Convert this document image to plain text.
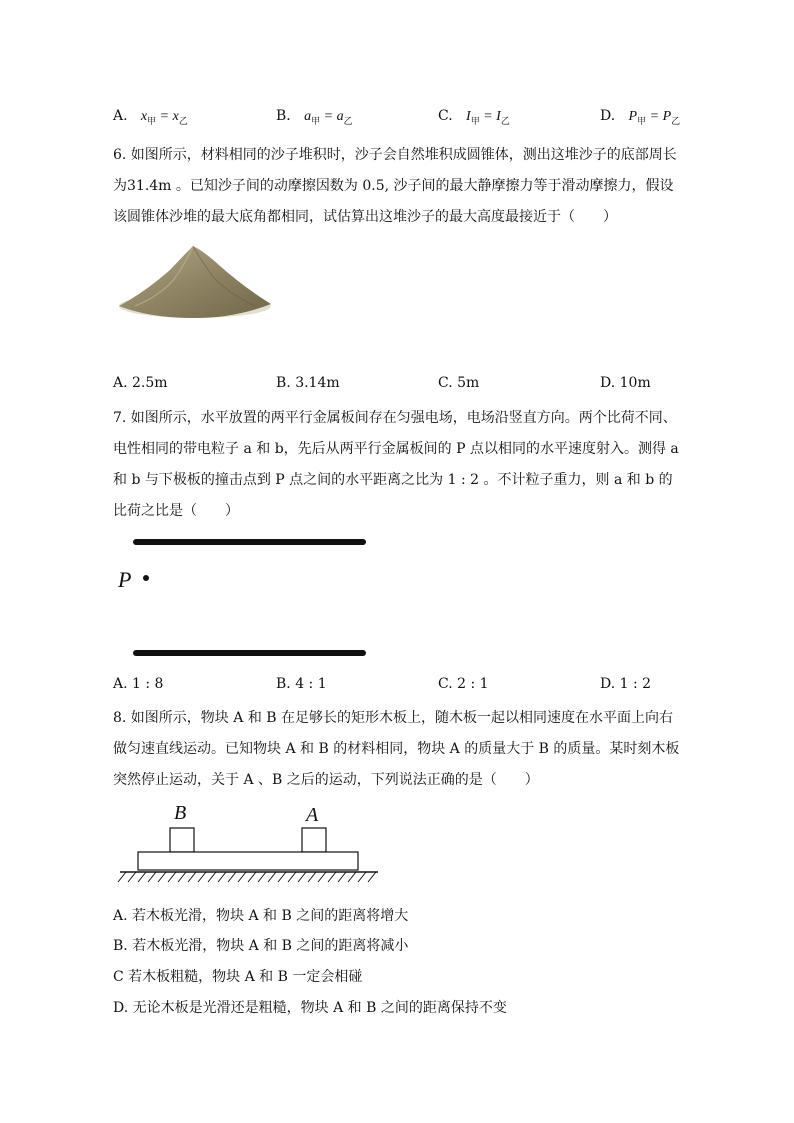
A. $x_甲 = x_乙$	B. $a_甲 = a_乙$	C. $I_甲 = I_乙$	D. $P_甲 = P_乙$
6. 如图所示，材料相同的沙子堆积时，沙子会自然堆积成圆锥体，测出这堆沙子的底部周长为31.4m 。已知沙子间的动摩擦因数为 0.5, 沙子间的最大静摩擦力等于滑动摩擦力，假设该圆锥体沙堆的最大底角都相同，试估算出这堆沙子的最大高度最接近于（　　）
A. 2.5m	B. 3.14m	C. 5m	D. 10m
7. 如图所示，水平放置的两平行金属板间存在匀强电场，电场沿竖直方向。两个比荷不同、电性相同的带电粒子 a 和 b，先后从两平行金属板间的 P 点以相同的水平速度射入。测得 a 和 b 与下极板的撞击点到 P 点之间的水平距离之比为 1 : 2 。不计粒子重力，则 a 和 b 的比荷之比是（　　）
P
A. 1 : 8	B. 4 : 1	C. 2 : 1	D. 1 : 2
8. 如图所示，物块 A 和 B 在足够长的矩形木板上，随木板一起以相同速度在水平面上向右做匀速直线运动。已知物块 A 和 B 的材料相同，物块 A 的质量大于 B 的质量。某时刻木板突然停止运动，关于 A 、B 之后的运动，下列说法正确的是（　　）
B	A
A. 若木板光滑，物块 A 和 B 之间的距离将增大
B. 若木板光滑，物块 A 和 B 之间的距离将减小
C 若木板粗糙，物块 A 和 B 一定会相碰
D. 无论木板是光滑还是粗糙，物块 A 和 B 之间的距离保持不变
